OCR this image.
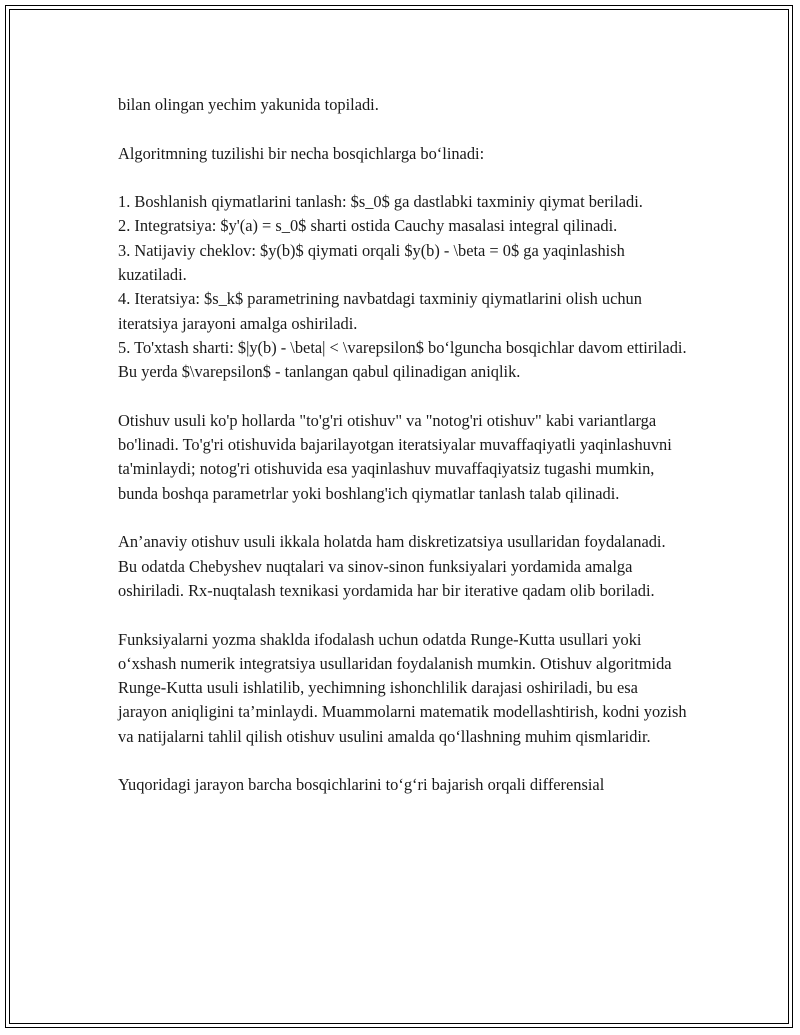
bilan olingan yechim yakunida topiladi.

Algoritmning tuzilishi bir necha bosqichlarga bo‘linadi:

1. Boshlanish qiymatlarini tanlash: $s_0$ ga dastlabki taxminiy qiymat beriladi.

2. Integratsiya: $y'(a) = s_0$ sharti ostida Cauchy masalasi integral qilinadi.

3. Natijaviy cheklov: $y(b)$ qiymati orqali $y(b) - \beta = 0$ ga yaqinlashish kuzatiladi.

4. Iteratsiya: $s_k$ parametrining navbatdagi taxminiy qiymatlarini olish uchun iteratsiya jarayoni amalga oshiriladi.

5. To'xtash sharti: $|y(b) - \beta| < \varepsilon$ bo‘lguncha bosqichlar davom ettiriladi. Bu yerda $\varepsilon$ - tanlangan qabul qilinadigan aniqlik.

Otishuv usuli ko'p hollarda "to'g'ri otishuv" va "notog'ri otishuv" kabi variantlarga bo'linadi. To'g'ri otishuvida bajarilayotgan iteratsiyalar muvaffaqiyatli yaqinlashuvni ta'minlaydi; notog'ri otishuvida esa yaqinlashuv muvaffaqiyatsiz tugashi mumkin, bunda boshqa parametrlar yoki boshlang'ich qiymatlar tanlash talab qilinadi.

An’anaviy otishuv usuli ikkala holatda ham diskretizatsiya usullaridan foydalanadi. Bu odatda Chebyshev nuqtalari va sinov-sinon funksiyalari yordamida amalga oshiriladi. Rx-nuqtalash texnikasi yordamida har bir iterative qadam olib boriladi.

Funksiyalarni yozma shaklda ifodalash uchun odatda Runge-Kutta usullari yoki o‘xshash numerik integratsiya usullaridan foydalanish mumkin. Otishuv algoritmida Runge-Kutta usuli ishlatilib, yechimning ishonchlilik darajasi oshiriladi, bu esa jarayon aniqligini ta’minlaydi. Muammolarni matematik modellashtirish, kodni yozish va natijalarni tahlil qilish otishuv usulini amalda qo‘llashning muhim qismlaridir.

Yuqoridagi jarayon barcha bosqichlarini to‘g‘ri bajarish orqali differensial
